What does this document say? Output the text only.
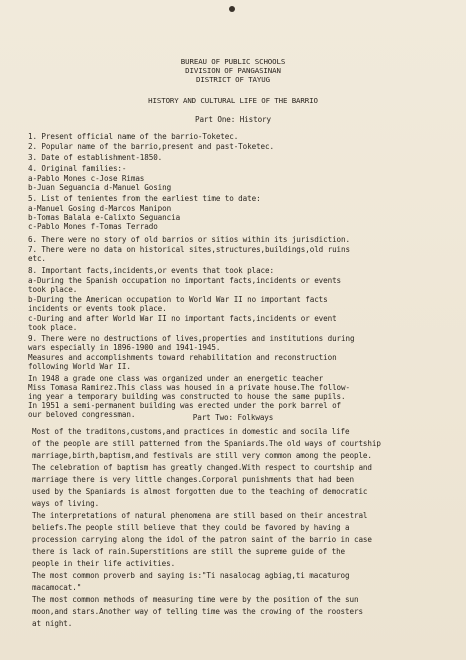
BUREAU OF PUBLIC SCHOOLS
DIVISION OF PANGASINAN
DISTRICT OF TAYUG
HISTORY AND CULTURAL LIFE OF THE BARRIO
Part One: History
1. Present official name of the barrio-Toketec.
2. Popular name of the barrio,present and past-Toketec.
3. Date of establishment-1850.
4. Original families:-
a-Pablo Mones c-Jose Rimas
b-Juan Seguancia d-Manuel Gosing
5. List of tenientes from the earliest time to date:
a-Manuel Gosing d-Marcos Manipon
b-Tomas Balala e-Calixto Seguancia
c-Pablo Mones f-Tomas Terrado
6. There were no story of old barrios or sitios within its jurisdiction.
7. There were no data on historical sites,structures,buildings,old ruins
etc.
8. Important facts,incidents,or events that took place:
a-During the Spanish occupation no important facts,incidents or events
took place.
b-During the American occupation to World War II no important facts
incidents or events took place.
c-During and after World War II no important facts,incidents or event
took place.
9. There were no destructions of lives,properties and institutions during
wars especially in 1896-1900 and 1941-1945.
Measures and accomplishments toward rehabilitation and reconstruction
following World War II.
In 1948 a grade one class was organized under an energetic teacher
Miss Tomasa Ramirez.This class was housed in a private house.The follow-
ing year a temporary building was constructed to house the same pupils.
In 1951 a semi-permanent building was erected under the pork barrel of
our beloved congressman.	Part Two: Folkways
Most of the traditons,customs,and practices in domestic and socila life
of the people are still patterned from the Spaniards.The old ways of courtship
marriage,birth,baptism,and festivals are still very common among the people.
The celebration of baptism has greatly changed.With respect to courtship and
marriage there is very little changes.Corporal punishments that had been
used by the Spaniards is almost forgotten due to the teaching of democratic
ways of living.
The interpretations of natural phenomena are still based on their ancestral
beliefs.The people still believe that they could be favored by having a
procession carrying along the idol of the patron saint of the barrio in case
there is lack of rain.Superstitions are still the supreme guide of the
people in their life activities.
The most common proverb and saying is:"Ti nasalocag agbiag,ti macaturog
macamocat."
The most common methods of measuring time were by the position of the sun
moon,and stars.Another way of telling time was the crowing of the roosters
at night.
